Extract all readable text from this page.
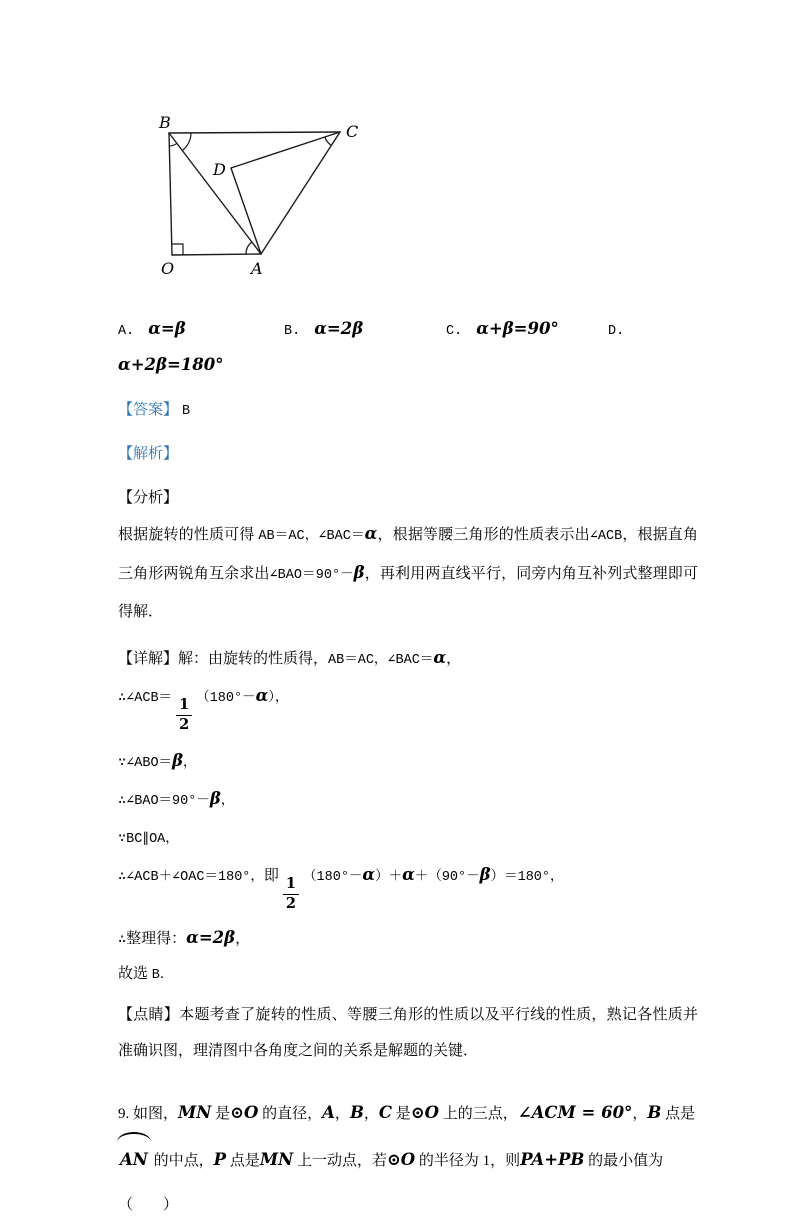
B	C
D
O	A
A. α=β	B. α=2β	C. α+β=90°	D.
α+2β=180°
【答案】 B
【解析】
【分析】
根据旋转的性质可得 AB＝AC，∠BAC＝α，根据等腰三角形的性质表示出∠ACB，根据直角三角形两锐角互余求出∠BAO＝90°－β，再利用两直线平行，同旁内角互补列式整理即可得解．
【详解】解：由旋转的性质得，AB＝AC，∠BAC＝α，
∴∠ACB＝ $\frac{1}{2} (180^\circ-\alpha)$，
∵∠ABO＝β，
∴∠BAO＝90°－β，
∵BC∥OA，
∴∠ACB＋∠OAC＝180°，即 $\frac{1}{2} (180^\circ-\alpha)+\alpha+(90^\circ-\beta)=180^\circ$，
∴整理得：α=2β，
故选 B．
【点睛】本题考查了旋转的性质、等腰三角形的性质以及平行线的性质，熟记各性质并准确识图，理清图中各角度之间的关系是解题的关键．
9. 如图，MN 是⊙O 的直径，A，B，C 是⊙O 上的三点，∠ACM = 60°，B 点是AN 的中点，P 点是MN 上一动点，若⊙O 的半径为 1，则PA+PB 的最小值为（　　）
